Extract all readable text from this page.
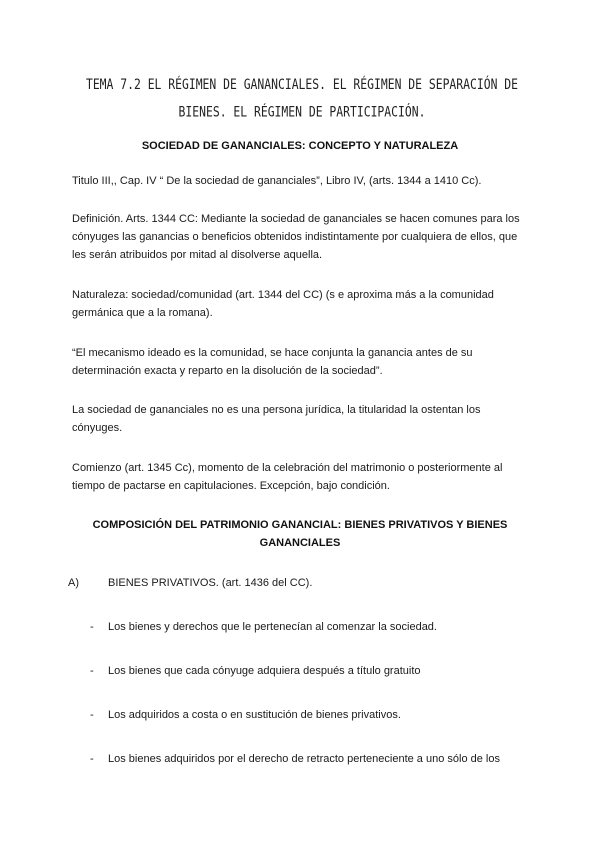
TEMA 7.2 EL RÉGIMEN DE GANANCIALES. EL RÉGIMEN DE SEPARACIÓN DE BIENES. EL RÉGIMEN DE PARTICIPACIÓN.
SOCIEDAD DE GANANCIALES: CONCEPTO Y NATURALEZA
Titulo III,, Cap. IV “ De la sociedad de gananciales”, Libro IV, (arts. 1344 a 1410 Cc).
Definición. Arts. 1344 CC: Mediante la sociedad de gananciales se hacen comunes para los cónyuges las ganancias o beneficios obtenidos indistintamente por cualquiera de ellos, que les serán atribuidos por mitad al disolverse aquella.
Naturaleza: sociedad/comunidad (art. 1344 del CC) (s e aproxima más a la comunidad germánica que a la romana).
“El mecanismo ideado es la comunidad, se hace conjunta la ganancia antes de su determinación exacta y reparto en la disolución de la sociedad”.
La sociedad de gananciales no es una persona jurídica, la titularidad la ostentan los cónyuges.
Comienzo (art. 1345 Cc), momento de la celebración del matrimonio o posteriormente al tiempo de pactarse en capitulaciones. Excepción, bajo condición.
COMPOSICIÓN DEL PATRIMONIO GANANCIAL: BIENES PRIVATIVOS Y BIENES GANANCIALES
A)	BIENES PRIVATIVOS. (art. 1436 del CC).
- Los bienes y derechos que le pertenecían al comenzar la sociedad.
- Los bienes que cada cónyuge adquiera después a título gratuito
- Los adquiridos a costa o en sustitución de bienes privativos.
- Los bienes adquiridos por el derecho de retracto perteneciente a uno sólo de los
